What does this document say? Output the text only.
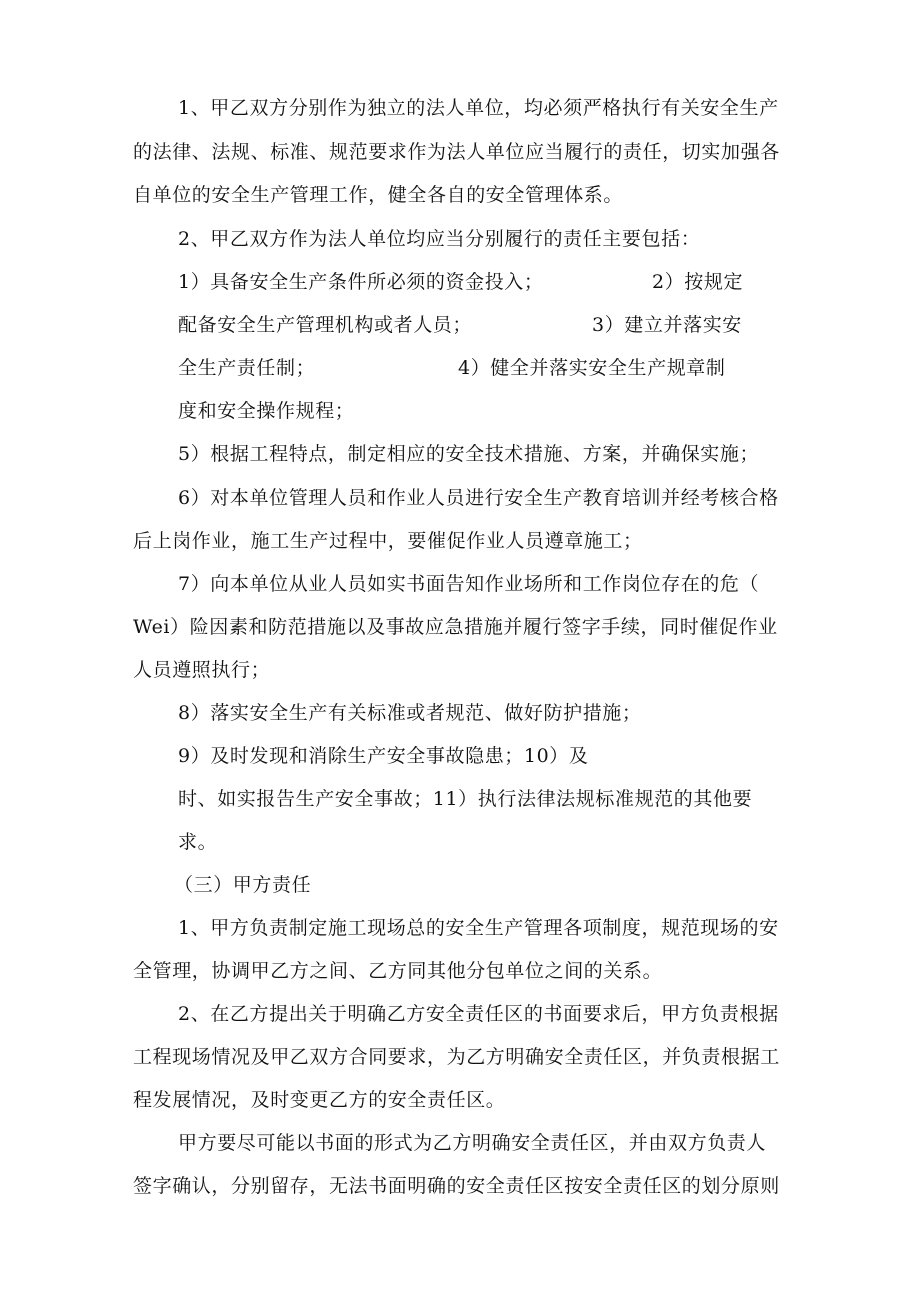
1、甲乙双方分别作为独立的法人单位，均必须严格执行有关安全生产
的法律、法规、标准、规范要求作为法人单位应当履行的责任，切实加强各
自单位的安全生产管理工作，健全各自的安全管理体系。
2、甲乙双方作为法人单位均应当分别履行的责任主要包括：
1）具备安全生产条件所必须的资金投入；	2）按规定
配备安全生产管理机构或者人员；	3）建立并落实安
全生产责任制；	4）健全并落实安全生产规章制
度和安全操作规程；
5）根据工程特点，制定相应的安全技术措施、方案，并确保实施；
6）对本单位管理人员和作业人员进行安全生产教育培训并经考核合格
后上岗作业，施工生产过程中，要催促作业人员遵章施工；
7）向本单位从业人员如实书面告知作业场所和工作岗位存在的危（
Wei）险因素和防范措施以及事故应急措施并履行签字手续，同时催促作业
人员遵照执行；
8）落实安全生产有关标准或者规范、做好防护措施；
9）及时发现和消除生产安全事故隐患；10）及
时、如实报告生产安全事故；11）执行法律法规标准规范的其他要
求。
（三）甲方责任
1、甲方负责制定施工现场总的安全生产管理各项制度，规范现场的安
全管理，协调甲乙方之间、乙方同其他分包单位之间的关系。
2、在乙方提出关于明确乙方安全责任区的书面要求后，甲方负责根据
工程现场情况及甲乙双方合同要求，为乙方明确安全责任区，并负责根据工
程发展情况，及时变更乙方的安全责任区。
甲方要尽可能以书面的形式为乙方明确安全责任区，并由双方负责人
签字确认，分别留存，无法书面明确的安全责任区按安全责任区的划分原则
